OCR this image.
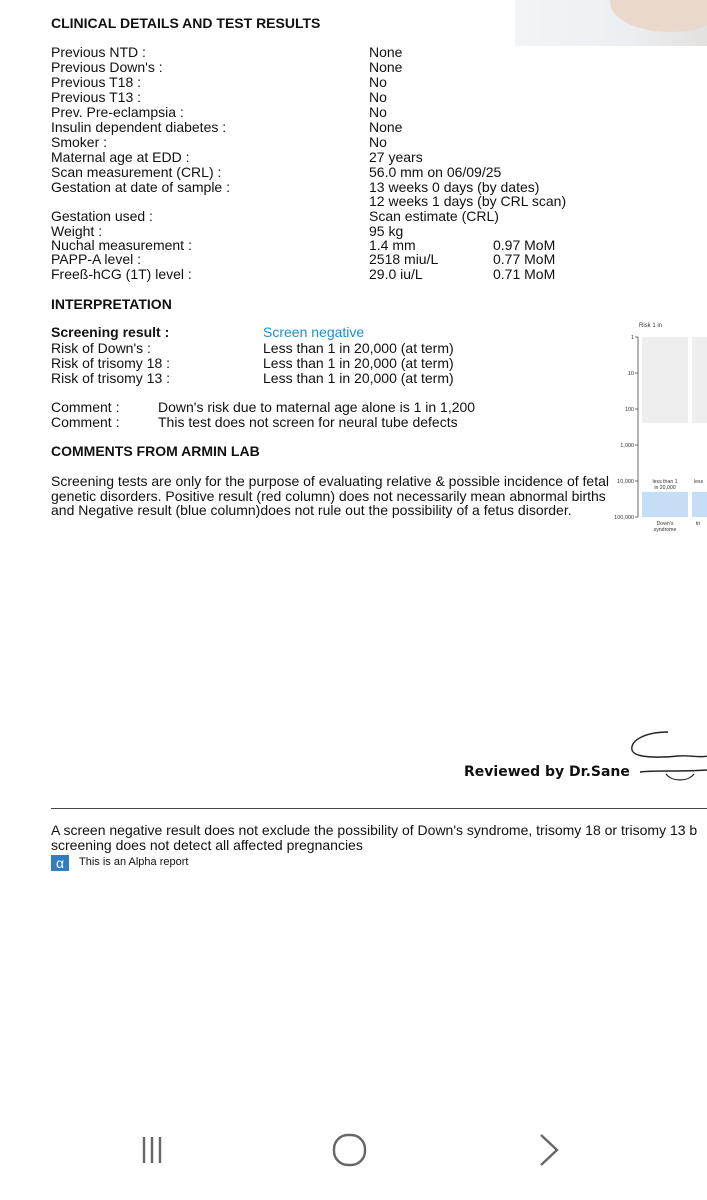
CLINICAL DETAILS AND TEST RESULTS
Previous NTD :	None
Previous Down's :	None
Previous T18 :	No
Previous T13 :	No
Prev. Pre-eclampsia :	No
Insulin dependent diabetes :	None
Smoker :	No
Maternal age at EDD :	27 years
Scan measurement (CRL) :	56.0 mm on 06/09/25
Gestation at date of sample :	13 weeks 0 days (by dates)
12 weeks 1 days (by CRL scan)
Gestation used :	Scan estimate (CRL)
Weight :	95 kg
Nuchal measurement :	1.4 mm	0.97 MoM
PAPP-A level :	2518 miu/L	0.77 MoM
Freeß-hCG (1T) level :	29.0 iu/L	0.71 MoM
INTERPRETATION
Screening result :	Screen negative
Risk of Down's :	Less than 1 in 20,000 (at term)
Risk of trisomy 18 :	Less than 1 in 20,000 (at term)
Risk of trisomy 13 :	Less than 1 in 20,000 (at term)
Comment :	Down's risk due to maternal age alone is 1 in 1,200
Comment :	This test does not screen for neural tube defects
COMMENTS FROM ARMIN LAB
Screening tests are only for the purpose of evaluating relative & possible incidence of fetal genetic disorders. Positive result (red column) does not necessarily mean abnormal births and Negative result (blue column)does not rule out the possibility of a fetus disorder.
Risk 1 in
1
10
100
1,000
10,000
100,000
less than 1 in 20,000
Down's syndrome
less
tri
Reviewed by Dr.Sane
A screen negative result does not exclude the possibility of Down's syndrome, trisomy 18 or trisomy 13 b
screening does not detect all affected pregnancies
α	This is an Alpha report
